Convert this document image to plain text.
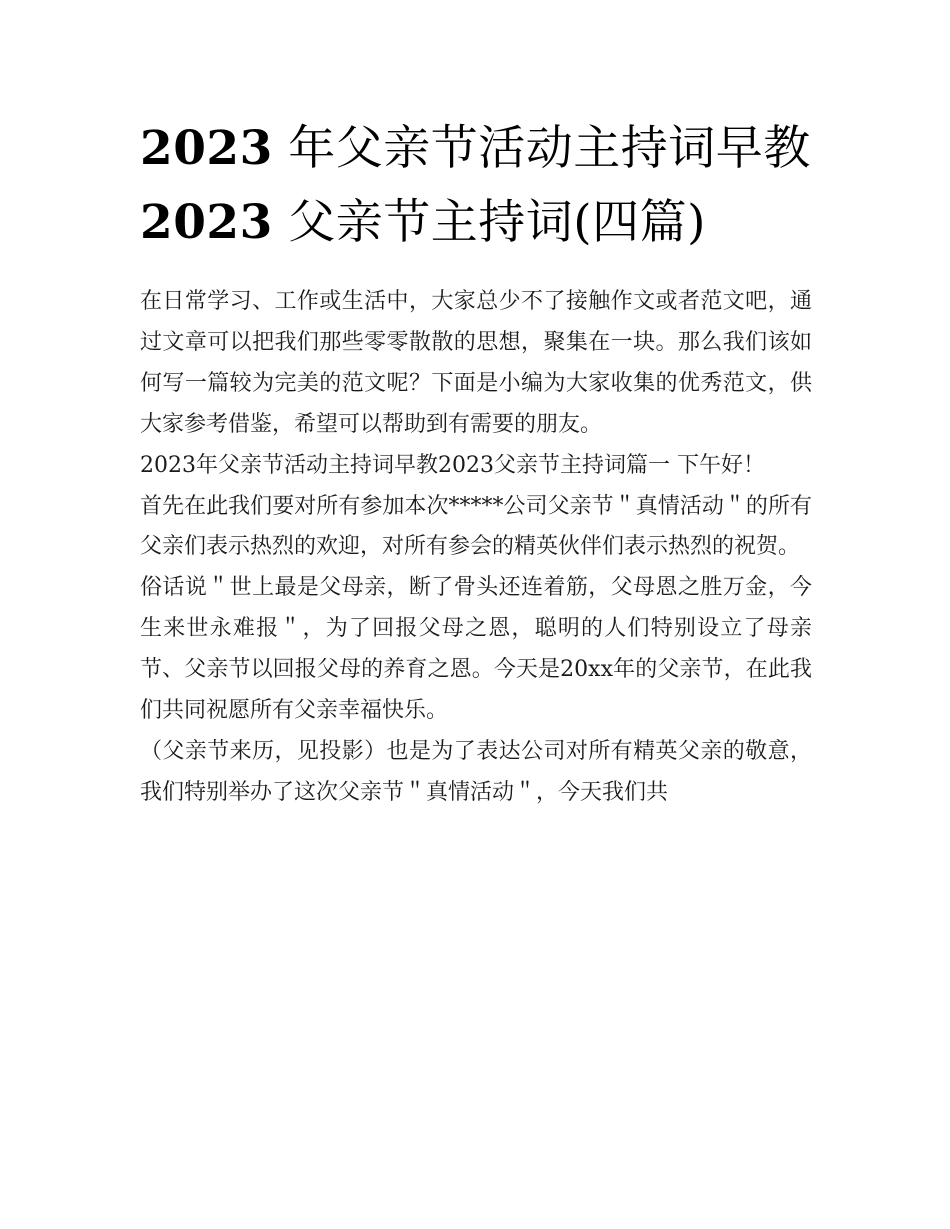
2023 年父亲节活动主持词早教
2023 父亲节主持词(四篇)

在日常学习、工作或生活中，大家总少不了接触作文或者范文吧，通过文章可以把我们那些零零散散的思想，聚集在一块。那么我们该如何写一篇较为完美的范文呢？下面是小编为大家收集的优秀范文，供大家参考借鉴，希望可以帮助到有需要的朋友。

2023年父亲节活动主持词早教2023父亲节主持词篇一 下午好！

首先在此我们要对所有参加本次*****公司父亲节＂真情活动＂的所有父亲们表示热烈的欢迎，对所有参会的精英伙伴们表示热烈的祝贺。

俗话说＂世上最是父母亲，断了骨头还连着筋，父母恩之胜万金，今生来世永难报＂，为了回报父母之恩，聪明的人们特别设立了母亲节、父亲节以回报父母的养育之恩。今天是20xx年的父亲节，在此我们共同祝愿所有父亲幸福快乐。

（父亲节来历，见投影）也是为了表达公司对所有精英父亲的敬意，我们特别举办了这次父亲节＂真情活动＂，今天我们共
